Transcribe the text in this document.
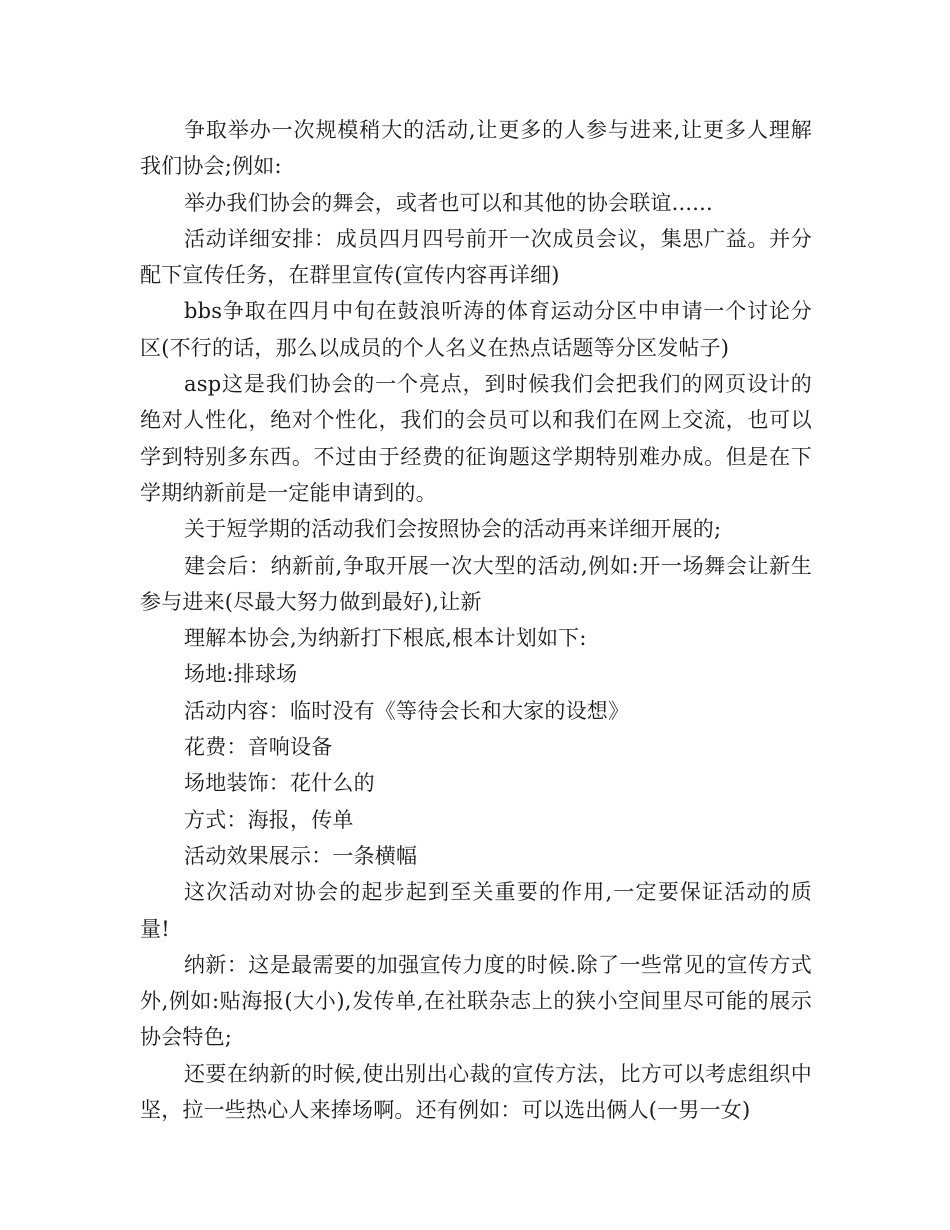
争取举办一次规模稍大的活动,让更多的人参与进来,让更多人理解我们协会;例如:

举办我们协会的舞会，或者也可以和其他的协会联谊......

活动详细安排：成员四月四号前开一次成员会议，集思广益。并分配下宣传任务，在群里宣传(宣传内容再详细)

bbs争取在四月中旬在鼓浪听涛的体育运动分区中申请一个讨论分区(不行的话，那么以成员的个人名义在热点话题等分区发帖子)

asp这是我们协会的一个亮点，到时候我们会把我们的网页设计的绝对人性化，绝对个性化，我们的会员可以和我们在网上交流，也可以学到特别多东西。不过由于经费的征询题这学期特别难办成。但是在下学期纳新前是一定能申请到的。

关于短学期的活动我们会按照协会的活动再来详细开展的;

建会后：纳新前,争取开展一次大型的活动,例如:开一场舞会让新生参与进来(尽最大努力做到最好),让新

理解本协会,为纳新打下根底,根本计划如下:

场地:排球场

活动内容：临时没有《等待会长和大家的设想》

花费：音响设备

场地装饰：花什么的

方式：海报，传单

活动效果展示：一条横幅

这次活动对协会的起步起到至关重要的作用,一定要保证活动的质量!

纳新：这是最需要的加强宣传力度的时候.除了一些常见的宣传方式外,例如:贴海报(大小),发传单,在社联杂志上的狭小空间里尽可能的展示协会特色;

还要在纳新的时候,使出别出心裁的宣传方法，比方可以考虑组织中坚，拉一些热心人来捧场啊。还有例如：可以选出俩人(一男一女)
